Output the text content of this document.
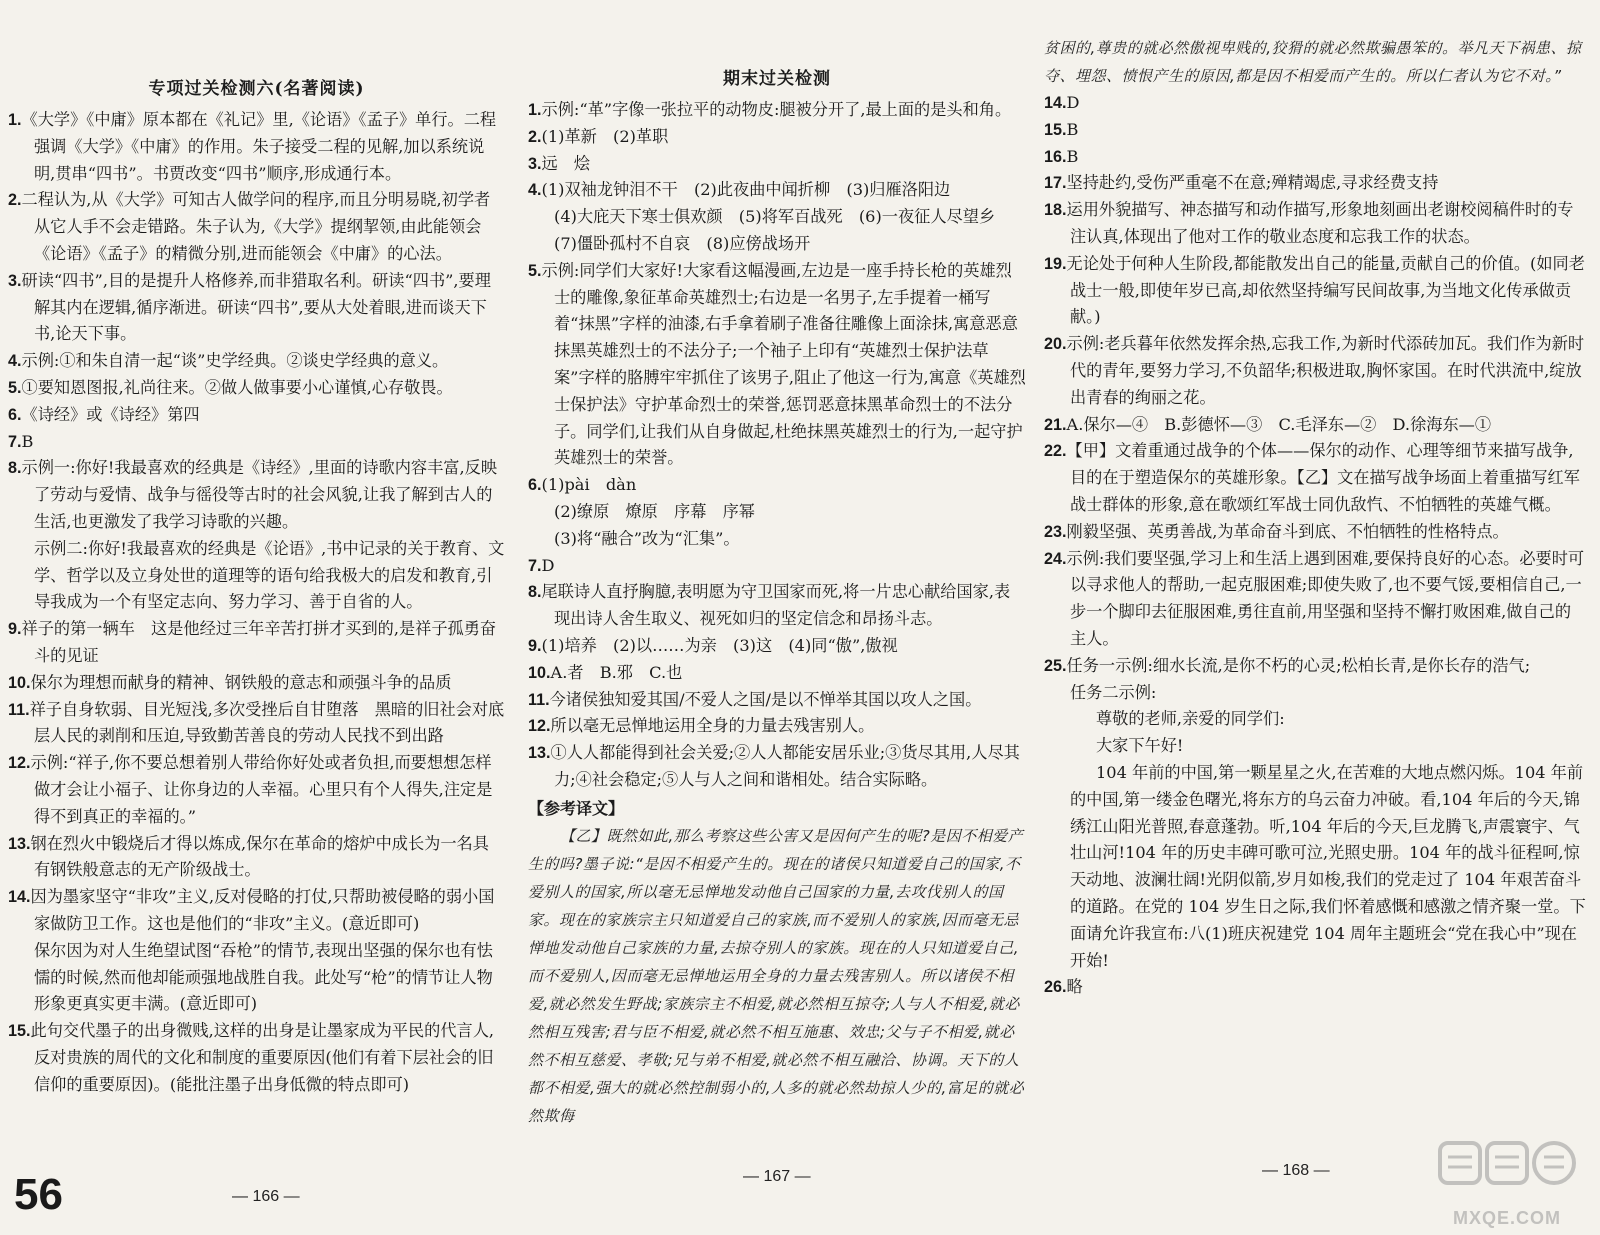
专项过关检测六(名著阅读)

1.《大学》《中庸》原本都在《礼记》里,《论语》《孟子》单行。二程强调《大学》《中庸》的作用。朱子接受二程的见解,加以系统说明,贯串“四书”。书贾改变“四书”顺序,形成通行本。

2.二程认为,从《大学》可知古人做学问的程序,而且分明易晓,初学者从它人手不会走错路。朱子认为,《大学》提纲挈领,由此能领会《论语》《孟子》的精微分别,进而能领会《中庸》的心法。

3.研读“四书”,目的是提升人格修养,而非猎取名利。研读“四书”,要理解其内在逻辑,循序渐进。研读“四书”,要从大处着眼,进而谈天下书,论天下事。

4.示例:①和朱自清一起“谈”史学经典。②谈史学经典的意义。

5.①要知恩图报,礼尚往来。②做人做事要小心谨慎,心存敬畏。

6.《诗经》或《诗经》第四

7.B

8.示例一:你好!我最喜欢的经典是《诗经》,里面的诗歌内容丰富,反映了劳动与爱情、战争与徭役等古时的社会风貌,让我了解到古人的生活,也更激发了我学习诗歌的兴趣。

示例二:你好!我最喜欢的经典是《论语》,书中记录的关于教育、文学、哲学以及立身处世的道理等的语句给我极大的启发和教育,引导我成为一个有坚定志向、努力学习、善于自省的人。

9.祥子的第一辆车　这是他经过三年辛苦打拼才买到的,是祥子孤勇奋斗的见证

10.保尔为理想而献身的精神、钢铁般的意志和顽强斗争的品质

11.祥子自身软弱、目光短浅,多次受挫后自甘堕落　黑暗的旧社会对底层人民的剥削和压迫,导致勤苦善良的劳动人民找不到出路

12.示例:“祥子,你不要总想着别人带给你好处或者负担,而要想想怎样做才会让小福子、让你身边的人幸福。心里只有个人得失,注定是得不到真正的幸福的。”

13.钢在烈火中锻烧后才得以炼成,保尔在革命的熔炉中成长为一名具有钢铁般意志的无产阶级战士。

14.因为墨家坚守“非攻”主义,反对侵略的打仗,只帮助被侵略的弱小国家做防卫工作。这也是他们的“非攻”主义。(意近即可)

保尔因为对人生绝望试图“吞枪”的情节,表现出坚强的保尔也有怯懦的时候,然而他却能顽强地战胜自我。此处写“枪”的情节让人物形象更真实更丰满。(意近即可)

15.此句交代墨子的出身微贱,这样的出身是让墨家成为平民的代言人,反对贵族的周代的文化和制度的重要原因(他们有着下层社会的旧信仰的重要原因)。(能批注墨子出身低微的特点即可)

期末过关检测

1.示例:“革”字像一张拉平的动物皮:腿被分开了,最上面的是头和角。

2.(1)革新　(2)革职

3.远　烩

4.(1)双袖龙钟泪不干　(2)此夜曲中闻折柳　(3)归雁洛阳边

(4)大庇天下寒士俱欢颜　(5)将军百战死　(6)一夜征人尽望乡

(7)僵卧孤村不自哀　(8)应傍战场开

5.示例:同学们大家好!大家看这幅漫画,左边是一座手持长枪的英雄烈士的雕像,象征革命英雄烈士;右边是一名男子,左手提着一桶写着“抹黑”字样的油漆,右手拿着刷子准备往雕像上面涂抹,寓意恶意抹黑英雄烈士的不法分子;一个袖子上印有“英雄烈士保护法草案”字样的胳膊牢牢抓住了该男子,阻止了他这一行为,寓意《英雄烈士保护法》守护革命烈士的荣誉,惩罚恶意抹黑革命烈士的不法分子。同学们,让我们从自身做起,杜绝抹黑英雄烈士的行为,一起守护英雄烈士的荣誉。

6.(1)pài　dàn

(2)缭原　燎原　序幕　序幂

(3)将“融合”改为“汇集”。

7.D

8.尾联诗人直抒胸臆,表明愿为守卫国家而死,将一片忠心献给国家,表现出诗人舍生取义、视死如归的坚定信念和昂扬斗志。

9.(1)培养　(2)以……为亲　(3)这　(4)同“傲”,傲视

10.A.者　B.邪　C.也

11.今诸侯独知爱其国/不爱人之国/是以不惮举其国以攻人之国。

12.所以毫无忌惮地运用全身的力量去残害别人。

13.①人人都能得到社会关爱;②人人都能安居乐业;③货尽其用,人尽其力;④社会稳定;⑤人与人之间和谐相处。结合实际略。

【参考译文】

【乙】既然如此,那么考察这些公害又是因何产生的呢?是因不相爱产生的吗?墨子说:“是因不相爱产生的。现在的诸侯只知道爱自己的国家,不爱别人的国家,所以毫无忌惮地发动他自己国家的力量,去攻伐别人的国家。现在的家族宗主只知道爱自己的家族,而不爱别人的家族,因而毫无忌惮地发动他自己家族的力量,去掠夺别人的家族。现在的人只知道爱自己,而不爱别人,因而毫无忌惮地运用全身的力量去残害别人。所以诸侯不相爱,就必然发生野战;家族宗主不相爱,就必然相互掠夺;人与人不相爱,就必然相互残害;君与臣不相爱,就必然不相互施惠、效忠;父与子不相爱,就必然不相互慈爱、孝敬;兄与弟不相爱,就必然不相互融洽、协调。天下的人都不相爱,强大的就必然控制弱小的,人多的就必然劫掠人少的,富足的就必然欺侮

贫困的,尊贵的就必然傲视卑贱的,狡猾的就必然欺骗愚笨的。举凡天下祸患、掠夺、埋怨、愤恨产生的原因,都是因不相爱而产生的。所以仁者认为它不对。”

14.D

15.B

16.B

17.坚持赴约,受伤严重毫不在意;殚精竭虑,寻求经费支持

18.运用外貌描写、神态描写和动作描写,形象地刻画出老谢校阅稿件时的专注认真,体现出了他对工作的敬业态度和忘我工作的状态。

19.无论处于何种人生阶段,都能散发出自己的能量,贡献自己的价值。(如同老战士一般,即使年岁已高,却依然坚持编写民间故事,为当地文化传承做贡献。)

20.示例:老兵暮年依然发挥余热,忘我工作,为新时代添砖加瓦。我们作为新时代的青年,要努力学习,不负韶华;积极进取,胸怀家国。在时代洪流中,绽放出青春的绚丽之花。

21.A.保尔—④　B.彭德怀—③　C.毛泽东—②　D.徐海东—①

22.【甲】文着重通过战争的个体——保尔的动作、心理等细节来描写战争,目的在于塑造保尔的英雄形象。【乙】文在描写战争场面上着重描写红军战士群体的形象,意在歌颂红军战士同仇敌忾、不怕牺牲的英雄气概。

23.刚毅坚强、英勇善战,为革命奋斗到底、不怕牺牲的性格特点。

24.示例:我们要坚强,学习上和生活上遇到困难,要保持良好的心态。必要时可以寻求他人的帮助,一起克服困难;即使失败了,也不要气馁,要相信自己,一步一个脚印去征服困难,勇往直前,用坚强和坚持不懈打败困难,做自己的主人。

25.任务一示例:细水长流,是你不朽的心灵;松柏长青,是你长存的浩气;

任务二示例:

尊敬的老师,亲爱的同学们:

大家下午好!

104 年前的中国,第一颗星星之火,在苦难的大地点燃闪烁。104 年前的中国,第一缕金色曙光,将东方的乌云奋力冲破。看,104 年后的今天,锦绣江山阳光普照,春意蓬勃。听,104 年后的今天,巨龙腾飞,声震寰宇、气壮山河!104 年的历史丰碑可歌可泣,光照史册。104 年的战斗征程呵,惊天动地、波澜壮阔!光阴似箭,岁月如梭,我们的党走过了 104 年艰苦奋斗的道路。在党的 104 岁生日之际,我们怀着感慨和感激之情齐聚一堂。下面请允许我宣布:八(1)班庆祝建党 104 周年主题班会“党在我心中”现在开始!

26.略

— 166 —
— 167 —	— 168 —
56	MXQE.COM
